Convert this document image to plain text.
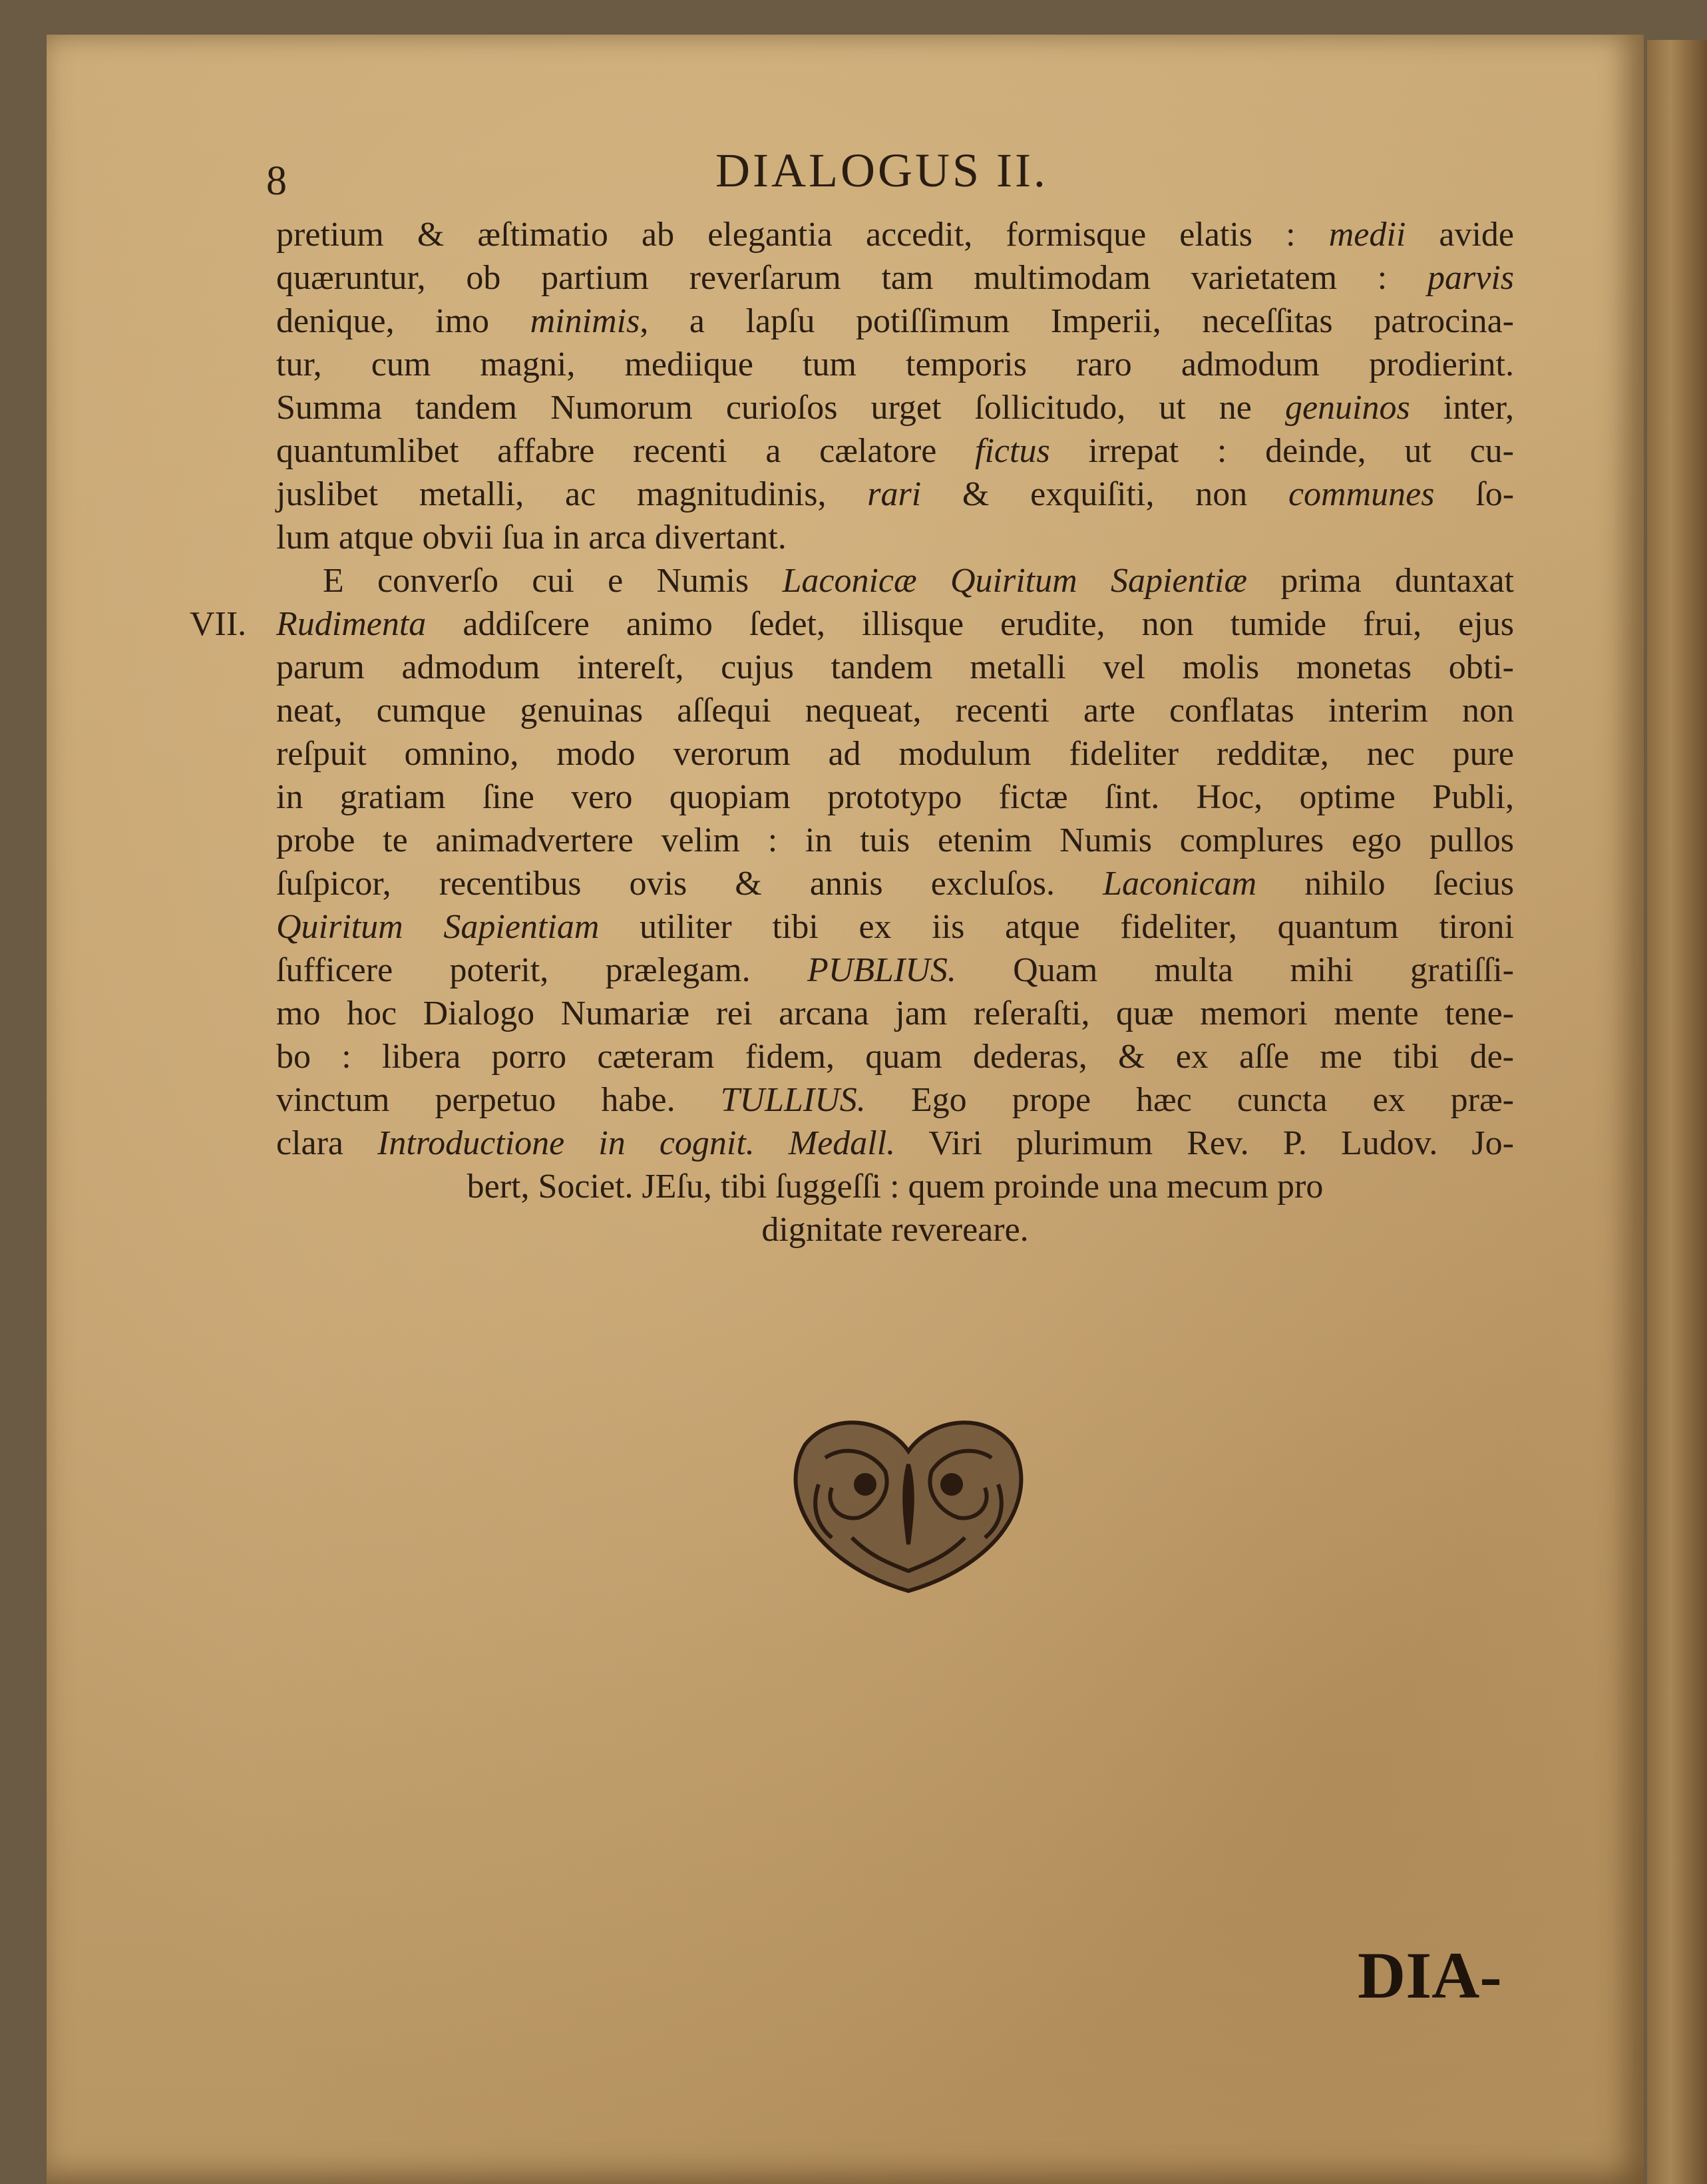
8	DIALOGUS II.
VII.
pretium & æſtimatio ab elegantia accedit, formisque elatis : medii avide
quæruntur, ob partium reverſarum tam multimodam varietatem : parvis
denique, imo minimis, a lapſu potiſſimum Imperii, neceſſitas patrocina-
tur, cum magni, mediique tum temporis raro admodum prodierint.
Summa tandem Numorum curioſos urget ſollicitudo, ut ne genuinos inter,
quantumlibet affabre recenti a cælatore fictus irrepat : deinde, ut cu-
juslibet metalli, ac magnitudinis, rari & exquiſiti, non communes ſo-
lum atque obvii ſua in arca divertant.
E converſo cui e Numis Laconicæ Quiritum Sapientiæ prima duntaxat
Rudimenta addiſcere animo ſedet, illisque erudite, non tumide frui, ejus
parum admodum intereſt, cujus tandem metalli vel molis monetas obti-
neat, cumque genuinas aſſequi nequeat, recenti arte conflatas interim non
reſpuit omnino, modo verorum ad modulum fideliter redditæ, nec pure
in gratiam ſine vero quopiam prototypo fictæ ſint. Hoc, optime Publi,
probe te animadvertere velim : in tuis etenim Numis complures ego pullos
ſuſpicor, recentibus ovis & annis excluſos. Laconicam nihilo ſecius
Quiritum Sapientiam utiliter tibi ex iis atque fideliter, quantum tironi
ſufficere poterit, prælegam. PUBLIUS. Quam multa mihi gratiſſi-
mo hoc Dialogo Numariæ rei arcana jam reſeraſti, quæ memori mente tene-
bo : libera porro cæteram fidem, quam dederas, & ex aſſe me tibi de-
vinctum perpetuo habe. TULLIUS. Ego prope hæc cuncta ex præ-
clara Introductione in cognit. Medall. Viri plurimum Rev. P. Ludov. Jo-
bert, Societ. JEſu, tibi ſuggeſſi : quem proinde una mecum pro
dignitate revereare.
DIA-
